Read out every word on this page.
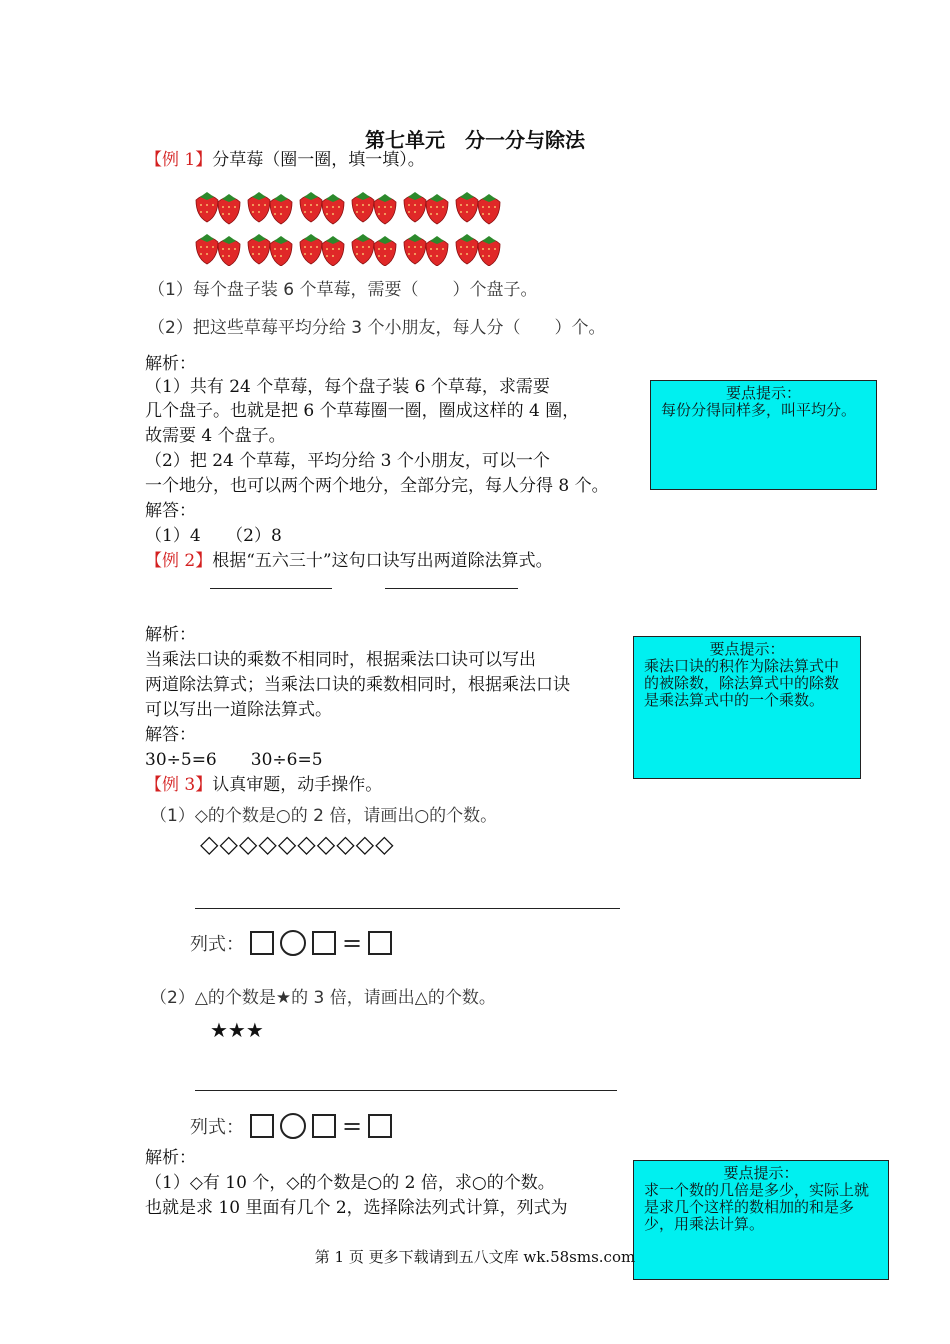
第七单元　分一分与除法
【例 1】分草莓（圈一圈，填一填）。
（1）每个盘子装 6 个草莓，需要（　　）个盘子。
（2）把这些草莓平均分给 3 个小朋友，每人分（　　）个。
解析：
（1）共有 24 个草莓，每个盘子装 6 个草莓，求需要
几个盘子。也就是把 6 个草莓圈一圈，圈成这样的 4 圈，
故需要 4 个盘子。
（2）把 24 个草莓，平均分给 3 个小朋友，可以一个
一个地分，也可以两个两个地分，全部分完，每人分得 8 个。
解答：
（1）4　　（2）8
要点提示：
每份分得同样多，叫平均分。
【例 2】根据“五六三十”这句口诀写出两道除法算式。
解析：
当乘法口诀的乘数不相同时，根据乘法口诀可以写出
两道除法算式；当乘法口诀的乘数相同时，根据乘法口诀
可以写出一道除法算式。
解答：
30÷5=6　　30÷6=5
要点提示：
乘法口诀的积作为除法算式中的被除数，除法算式中的除数是乘法算式中的一个乘数。
【例 3】认真审题，动手操作。
（1）◇的个数是○的 2 倍，请画出○的个数。
◇◇◇◇◇◇◇◇◇◇
列式：	=
（2）△的个数是★的 3 倍，请画出△的个数。
★★★
列式：	=
解析：
（1）◇有 10 个，◇的个数是○的 2 倍，求○的个数。
也就是求 10 里面有几个 2，选择除法列式计算，列式为
要点提示：
求一个数的几倍是多少，实际上就是求几个这样的数相加的和是多少，用乘法计算。
第 1 页 更多下载请到五八文库 wk.58sms.com
